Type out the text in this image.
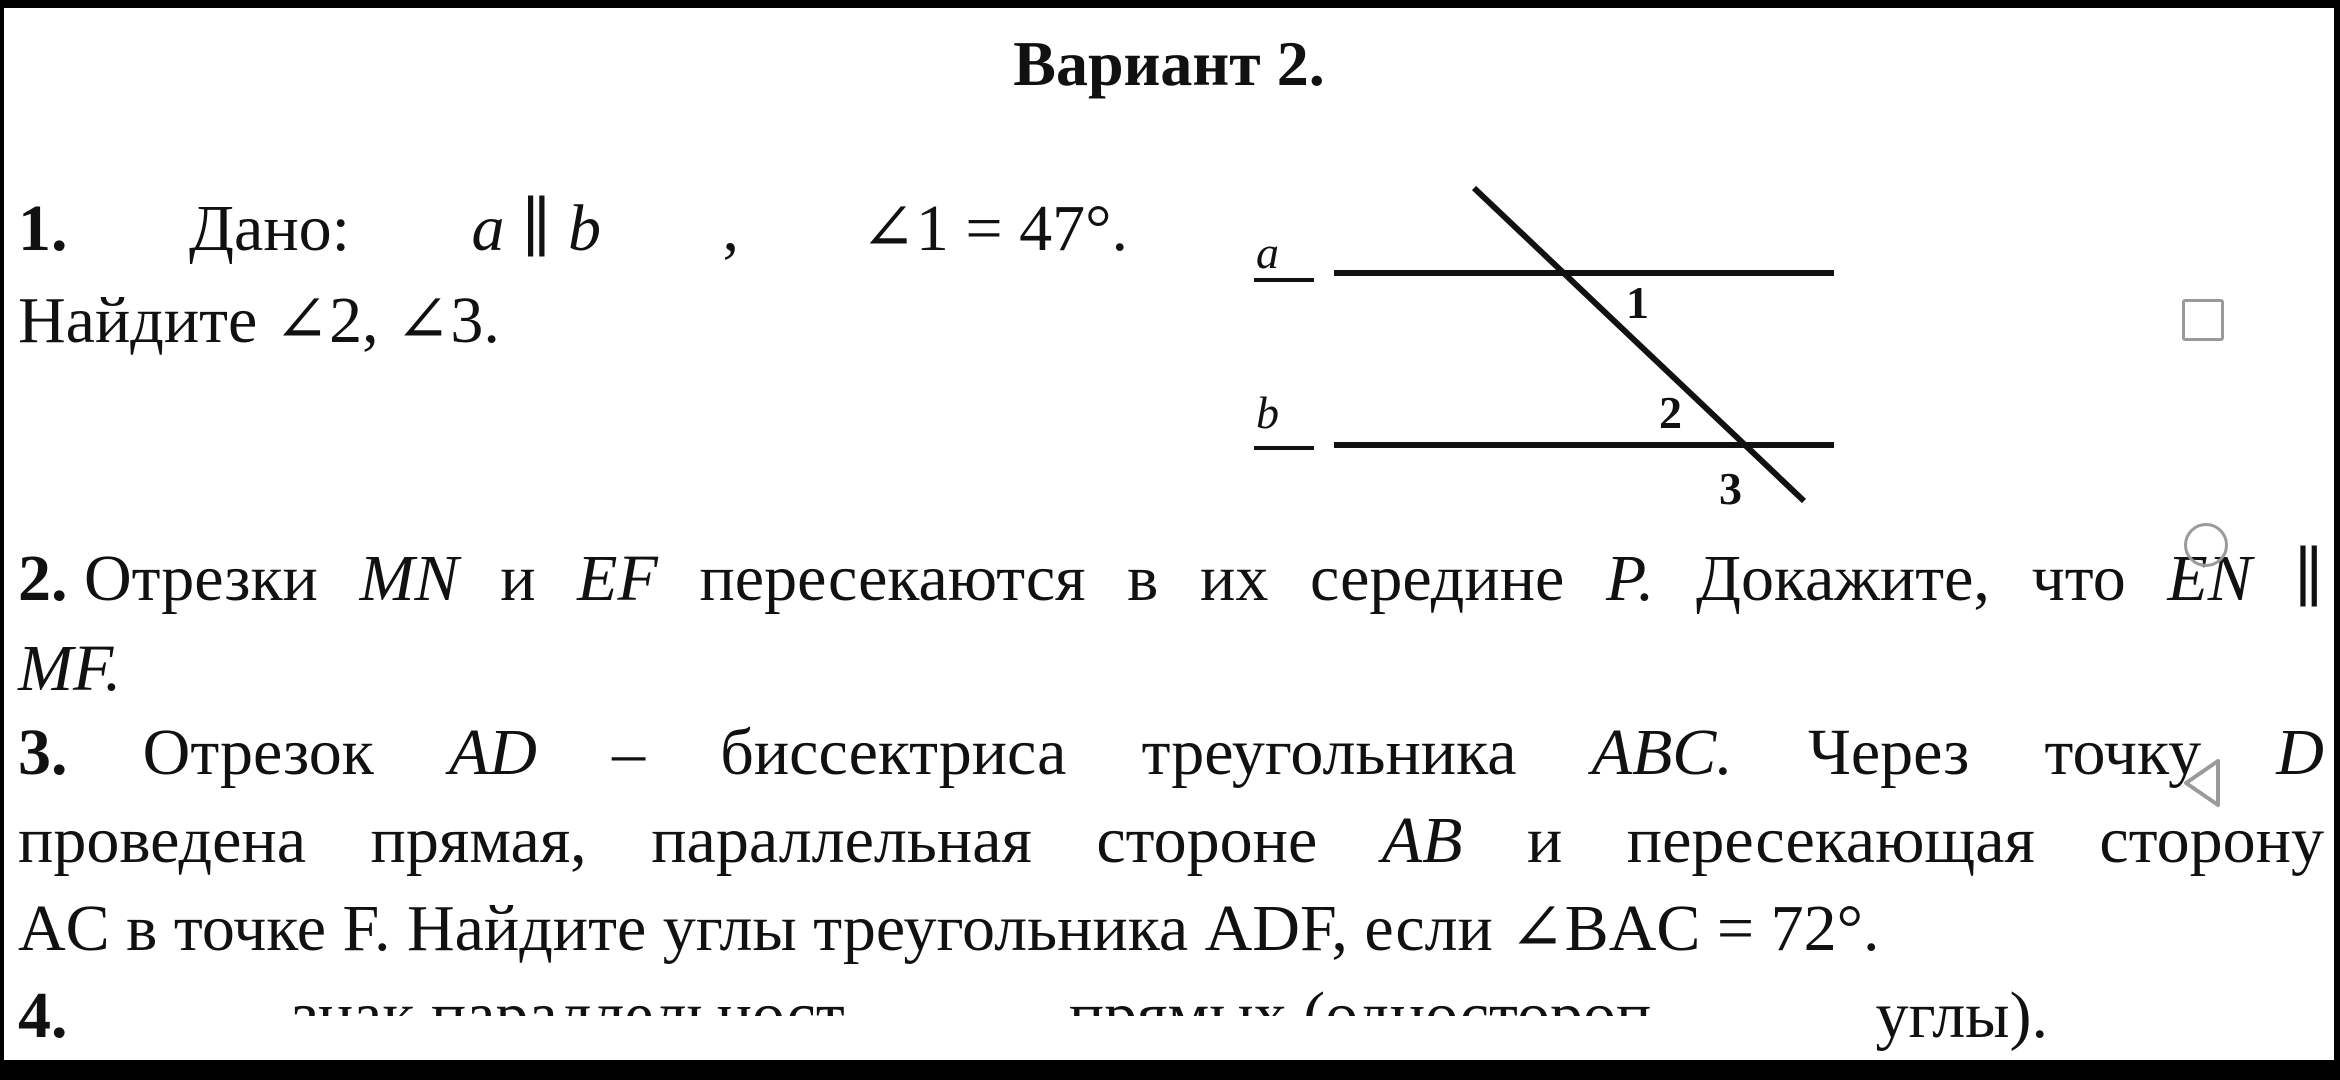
Вариант 2.
1. Дано: a ∥ b , ∠1 = 47°.
Найдите ∠2, ∠3.
a
b
1
2
3
2. Отрезки MN и EF пересекаются в их середине P. Докажите, что EN ∥
MF.
3. Отрезок AD – биссектриса треугольника ABC. Через точку D
проведена прямая, параллельная стороне AB и пересекающая сторону
AC в точке F. Найдите углы треугольника ADF, если ∠BAC = 72°.
4.	углы).
